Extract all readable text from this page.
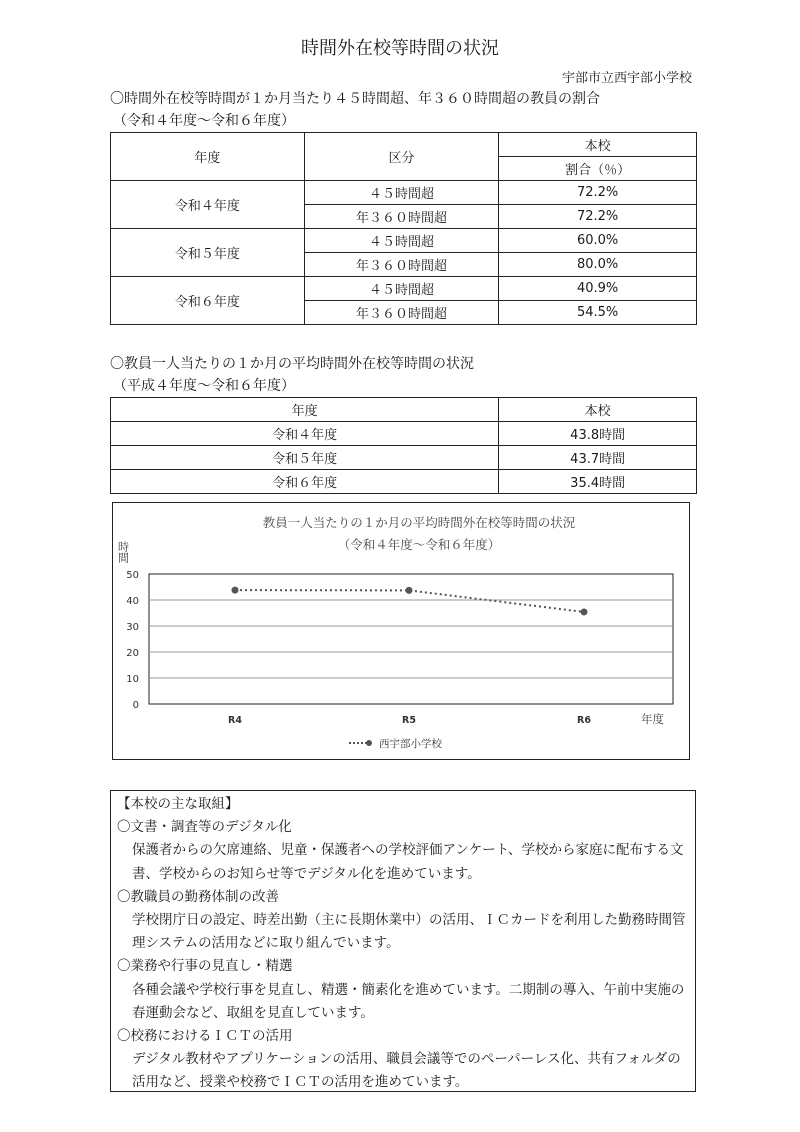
時間外在校等時間の状況
宇部市立西宇部小学校
〇時間外在校等時間が１か月当たり４５時間超、年３６０時間超の教員の割合
（令和４年度～令和６年度）
年度	区分	本校
		割合（％）
令和４年度	４５時間超	72.2%
	年３６０時間超	72.2%
令和５年度	４５時間超	60.0%
	年３６０時間超	80.0%
令和６年度	４５時間超	40.9%
	年３６０時間超	54.5%
〇教員一人当たりの１か月の平均時間外在校等時間の状況
（平成４年度～令和６年度）
年度	本校
令和４年度	43.8時間
令和５年度	43.7時間
令和６年度	35.4時間
教員一人当たりの１か月の平均時間外在校等時間の状況
（令和４年度～令和６年度）
時間
0
10
20
30
40
50
R4	R5	R6	年度
西宇部小学校
【本校の主な取組】
〇文書・調査等のデジタル化
保護者からの欠席連絡、児童・保護者への学校評価アンケート、学校から家庭に配布する文
書、学校からのお知らせ等でデジタル化を進めています。
〇教職員の勤務体制の改善
学校閉庁日の設定、時差出勤（主に長期休業中）の活用、ＩＣカードを利用した勤務時間管
理システムの活用などに取り組んでいます。
〇業務や行事の見直し・精選
各種会議や学校行事を見直し、精選・簡素化を進めています。二期制の導入、午前中実施の
春運動会など、取組を見直しています。
〇校務におけるＩＣＴの活用
デジタル教材やアプリケーションの活用、職員会議等でのペーパーレス化、共有フォルダの
活用など、授業や校務でＩＣＴの活用を進めています。
